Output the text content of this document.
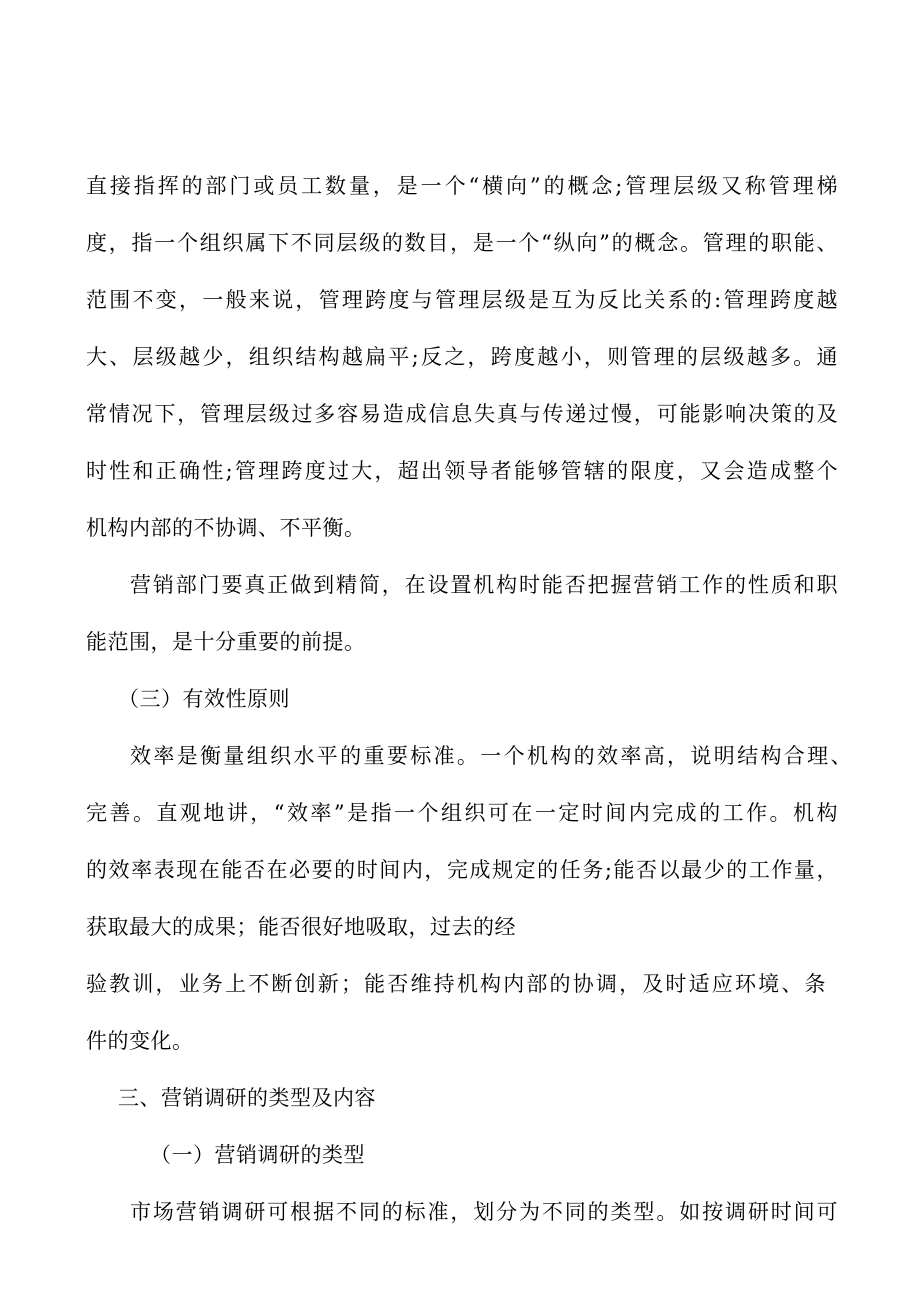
直接指挥的部门或员工数量，是一个“横向”的概念;管理层级又称管理梯
度，指一个组织属下不同层级的数目，是一个“纵向”的概念。管理的职能、
范围不变，一般来说，管理跨度与管理层级是互为反比关系的:管理跨度越
大、层级越少，组织结构越扁平;反之，跨度越小，则管理的层级越多。通
常情况下，管理层级过多容易造成信息失真与传递过慢，可能影响决策的及
时性和正确性;管理跨度过大，超出领导者能够管辖的限度，又会造成整个
机构内部的不协调、不平衡。
营销部门要真正做到精简，在设置机构时能否把握营销工作的性质和职
能范围，是十分重要的前提。
（三）有效性原则
效率是衡量组织水平的重要标准。一个机构的效率高，说明结构合理、
完善。直观地讲，“效率”是指一个组织可在一定时间内完成的工作。机构
的效率表现在能否在必要的时间内，完成规定的任务;能否以最少的工作量，
获取最大的成果；能否很好地吸取，过去的经
验教训，业务上不断创新；能否维持机构内部的协调，及时适应环境、条
件的变化。
三、营销调研的类型及内容
（一）营销调研的类型
市场营销调研可根据不同的标准，划分为不同的类型。如按调研时间可
